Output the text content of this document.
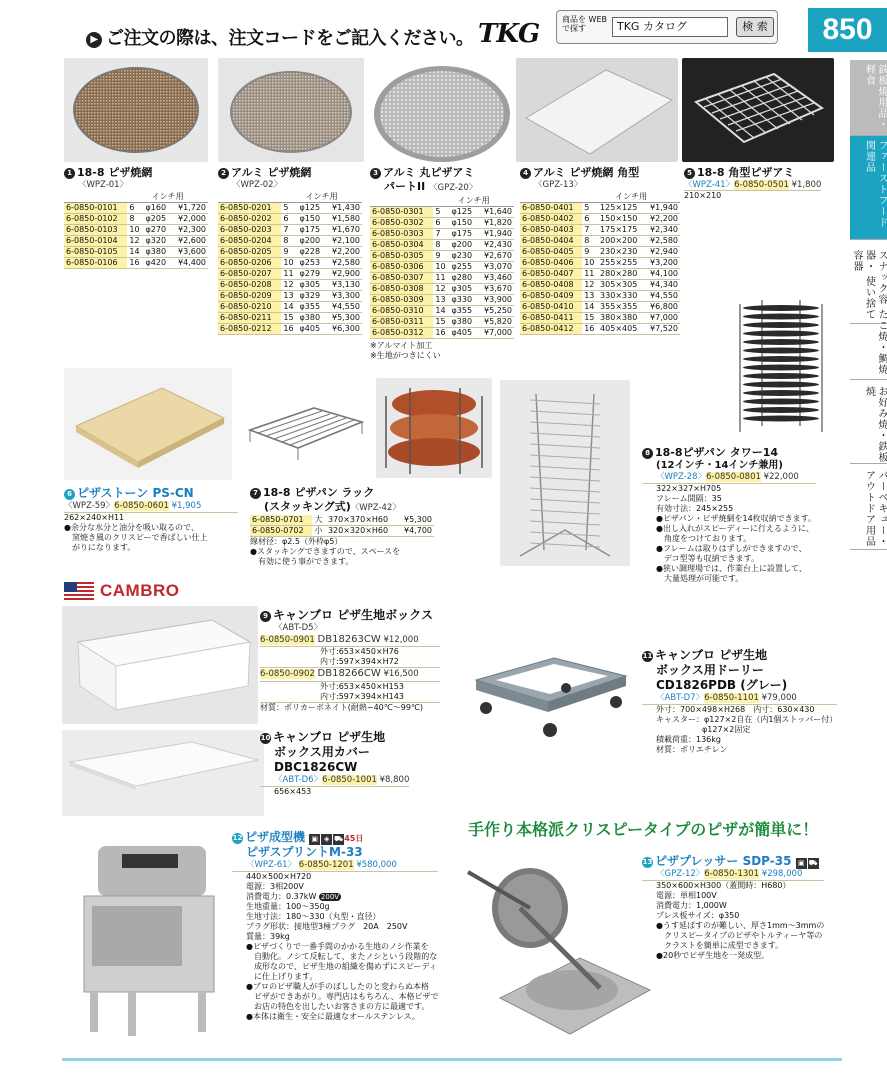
▶ ご注文の際は、注文コードをご記入ください。 TKG	商品を WEBで探す	TKG カタログ	検 索	850
鉄板焼用品・ 軽食
ファーストフード 関連品
スナック容器・ 使い捨て容器
たこ焼・鯛焼
お好み焼・鉄板焼
バーベキュー・ アウトドア用品
1 18-8 ピザ焼網
〈WPZ-01〉
	インチ用		
6-0850-0101	6	φ160	¥1,720
6-0850-0102	8	φ205	¥2,000
6-0850-0103	10	φ270	¥2,300
6-0850-0104	12	φ320	¥2,600
6-0850-0105	14	φ380	¥3,600
6-0850-0106	16	φ420	¥4,400
2 アルミ ピザ焼網
〈WPZ-02〉
	インチ用		
6-0850-0201	5	φ125	¥1,430
6-0850-0202	6	φ150	¥1,580
6-0850-0203	7	φ175	¥1,670
6-0850-0204	8	φ200	¥2,100
6-0850-0205	9	φ228	¥2,200
6-0850-0206	10	φ253	¥2,580
6-0850-0207	11	φ279	¥2,900
6-0850-0208	12	φ305	¥3,130
6-0850-0209	13	φ329	¥3,300
6-0850-0210	14	φ355	¥4,550
6-0850-0211	15	φ380	¥5,300
6-0850-0212	16	φ405	¥6,300
3 アルミ 丸ピザアミ
パートII 〈GPZ-20〉
	インチ用		
6-0850-0301	5	φ125	¥1,640
6-0850-0302	6	φ150	¥1,820
6-0850-0303	7	φ175	¥1,940
6-0850-0304	8	φ200	¥2,430
6-0850-0305	9	φ230	¥2,670
6-0850-0306	10	φ255	¥3,070
6-0850-0307	11	φ280	¥3,460
6-0850-0308	12	φ305	¥3,670
6-0850-0309	13	φ330	¥3,900
6-0850-0310	14	φ355	¥5,250
6-0850-0311	15	φ380	¥5,820
6-0850-0312	16	φ405	¥7,000
※アルマイト加工
※生地がつきにくい
4 アルミ ピザ焼網 角型
〈GPZ-13〉
	インチ用		
6-0850-0401	5	125×125	¥1,940
6-0850-0402	6	150×150	¥2,200
6-0850-0403	7	175×175	¥2,340
6-0850-0404	8	200×200	¥2,580
6-0850-0405	9	230×230	¥2,940
6-0850-0406	10	255×255	¥3,200
6-0850-0407	11	280×280	¥4,100
6-0850-0408	12	305×305	¥4,340
6-0850-0409	13	330×330	¥4,550
6-0850-0410	14	355×355	¥6,800
6-0850-0411	15	380×380	¥7,000
6-0850-0412	16	405×405	¥7,520
5 18-8 角型ピザアミ
〈WPZ-41〉6-0850-0501 ¥1,800
210×210
6 ピザストーン PS-CN
〈WPZ-59〉6-0850-0601 ¥1,905
262×240×H11
●余分な水分と油分を吸い取るので、
窯焼き風のクリスピーで香ばしい仕上
がりになります。
7 18-8 ピザパン ラック
(スタッキング式)〈WPZ-42〉
6-0850-0701	大	370×370×H60	¥5,300
6-0850-0702	小	320×320×H60	¥4,700
線材径：φ2.5（外枠φ5）
●スタッキングできますので、スペースを
有効に使う事ができます。
8 18-8ピザパン タワー14
(12インチ・14インチ兼用)
〈WPZ-28〉6-0850-0801 ¥22,000
322×327×H705
フレーム間隔：35
有効寸法：245×255
●ピザパン・ピザ焼網を14枚収納できます。
●出し入れがスピーディーに行えるように、
角度をつけております。
●フレームは取りはずしができますので、
デコ型等も収納できます。
●狭い調理場では、作業台上に設置して、
大量処理が可能です。
CAMBRO
9 キャンブロ ピザ生地ボックス
〈ABT-D5〉
6-0850-0901 DB18263CW ¥12,000
外寸:653×450×H76
内寸:597×394×H72
6-0850-0902 DB18266CW ¥16,500
外寸:653×450×H153
内寸:597×394×H143
材質：ポリカーボネイト(耐熱−40℃〜99℃)
10 キャンブロ ピザ生地
ボックス用カバー
DBC1826CW
〈ABT-D6〉6-0850-1001 ¥8,800
656×453
11 キャンブロ ピザ生地
ボックス用ドーリー
CD1826PDB (グレー)
〈ABT-D7〉6-0850-1101 ¥79,000
外寸：700×498×H268　内寸：630×430
キャスター：φ127×2自在（内1個ストッパー付）
φ127×2固定
積載荷重：136kg
材質：ポリエチレン
手作り本格派クリスピータイプのピザが簡単に！
12 ピザ成型機 ▣ ◈ ⛟45日
ピザスプリントM-33
〈WPZ-61〉 6-0850-1201 ¥580,000
440×500×H720
電源：3相200V
消費電力：0.37kW 200V
生地重量：100〜350g
生地寸法：180〜330（丸型・直径）
プラグ形状：接地型3極プラグ　20A　250V
質量：39kg
●ピザづくりで一番手間のかかる生地のノシ作業を
自動化。ノシて反転して、またノシという段階的な
成形なので、ピザ生地の組織を傷めずにスピーディ
に仕上げります。
●プロのピザ職人が手のばししたのと変わらぬ本格
ピザができあがり。専門店はもちろん、本格ピザで
お店の特色を出したいお客さまの方に最適です。
●本体は衛生・安全に最適なオールステンレス。
13 ピザプレッサー SDP-35 ▣ ⛟
〈GPZ-12〉6-0850-1301 ¥298,000
350×600×H300（蓋開時：H680）
電源：単相100V
消費電力：1,000W
プレス板サイズ：φ350
●うす延ばすのが難しい、厚さ1mm〜3mmの
クリスピータイプのピザやトルティーヤ等の
クラストを簡単に成型できます。
●20秒でピザ生地を一発成型。
